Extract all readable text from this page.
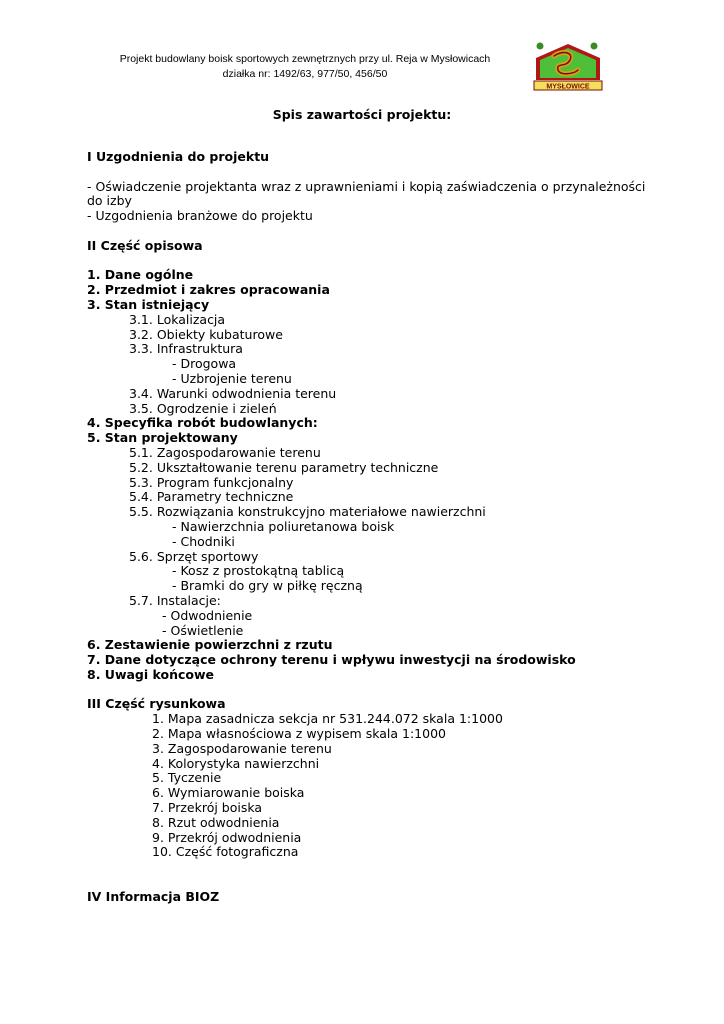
Projekt budowlany boisk sportowych zewnętrznych przy ul. Reja w Mysłowicach
działka nr: 1492/63, 977/50, 456/50
MYSŁOWICE
Spis zawartości projektu:
I Uzgodnienia do projektu
- Oświadczenie projektanta wraz z uprawnieniami i kopią zaświadczenia o przynależności do izby
- Uzgodnienia branżowe do projektu
II Część opisowa
1. Dane ogólne
2. Przedmiot i zakres opracowania
3. Stan istniejący
3.1. Lokalizacja
3.2. Obiekty kubaturowe
3.3. Infrastruktura
- Drogowa
- Uzbrojenie terenu
3.4. Warunki odwodnienia terenu
3.5. Ogrodzenie i zieleń
4. Specyfika robót budowlanych:
5. Stan projektowany
5.1. Zagospodarowanie terenu
5.2. Ukształtowanie terenu parametry techniczne
5.3. Program funkcjonalny
5.4. Parametry techniczne
5.5. Rozwiązania konstrukcyjno materiałowe nawierzchni
- Nawierzchnia poliuretanowa boisk
- Chodniki
5.6. Sprzęt sportowy
- Kosz z prostokątną tablicą
- Bramki do gry w piłkę ręczną
5.7. Instalacje:
- Odwodnienie
- Oświetlenie
6. Zestawienie powierzchni z rzutu
7. Dane dotyczące ochrony terenu i wpływu inwestycji na środowisko
8. Uwagi końcowe
III Część rysunkowa
1. Mapa zasadnicza sekcja nr 531.244.072 skala 1:1000
2. Mapa własnościowa z wypisem skala 1:1000
3. Zagospodarowanie terenu
4. Kolorystyka nawierzchni
5. Tyczenie
6. Wymiarowanie boiska
7. Przekrój boiska
8. Rzut odwodnienia
9. Przekrój odwodnienia
10. Część fotograficzna
IV Informacja BIOZ
